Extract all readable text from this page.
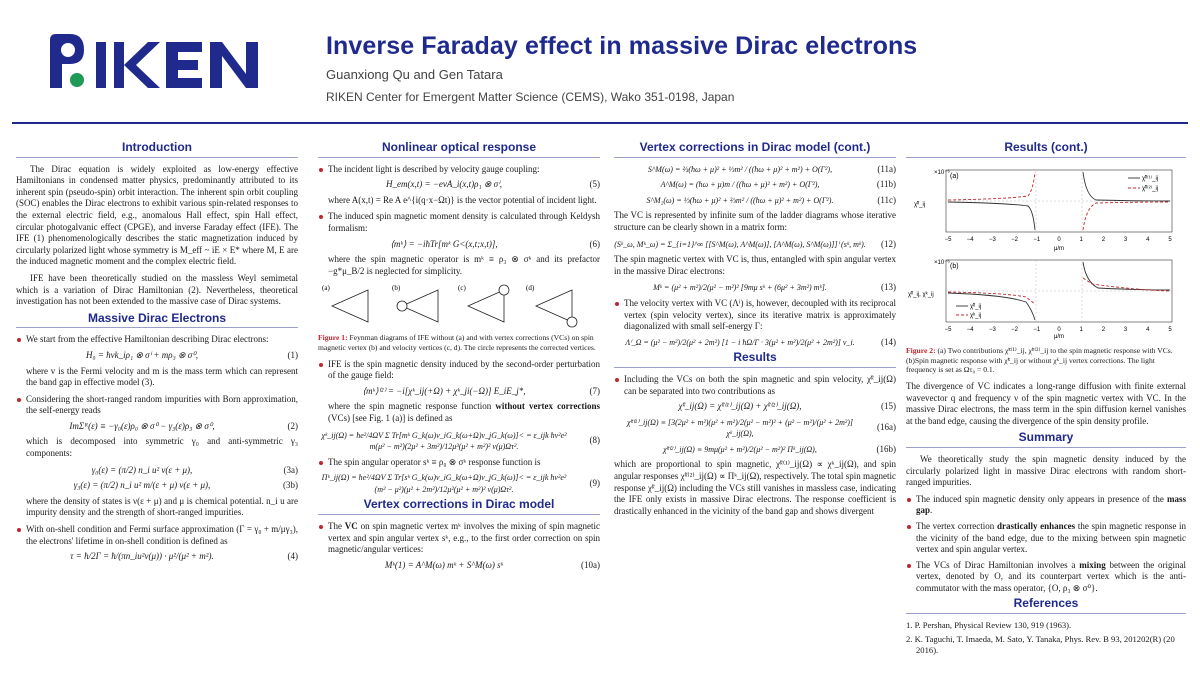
Inverse Faraday effect in massive Dirac electrons
Guanxiong Qu and Gen Tatara
RIKEN Center for Emergent Matter Science (CEMS), Wako 351-0198, Japan
Introduction

The Dirac equation is widely exploited as low-energy effective Hamiltonians in condensed matter physics, predominantly attributed to its inherent spin (pseudo-spin) orbit interaction. The inherent spin orbit coupling (SOC) enables the Dirac electrons to exhibit various spin-related responses to the external electric field, e.g., anomalous Hall effect, spin Hall effect, circular photogalvanic effect (CPGE), and inverse Faraday effect (IFE). The IFE (1) phenomenologically describes the static magnetization induced by circularly polarized light whose symmetry is M_eff ~ iE × E* where M, E are the induced magnetic moment and the complex electric field.

IFE have been theoretically studied on the massless Weyl semimetal which is a variation of Dirac Hamiltonian (2). Nevertheless, theoretical investigation has not been extended to the massive case of Dirac systems.

Massive Dirac Electrons
We start from the effective Hamiltonian describing Dirac electrons:
H₀ = ħvk_iρ₁ ⊗ σⁱ + mρ₃ ⊗ σ⁰,	(1)

where v is the Fermi velocity and m is the mass term which can represent the band gap in effective model (3).

Considering the short-ranged random impurities with Born approximation, the self-energy reads
ImΣᴿ(ε) ≡ −γ₀(ε)ρ₀ ⊗ σ⁰ − γ₃(ε)ρ₃ ⊗ σ⁰,	(2)

which is decomposed into symmetric γ₀ and anti-symmetric γ₃ components:

γ₀(ε) = (π/2) n_i u² ν(ε + μ),	(3a)
γ₃(ε) = (π/2) n_i u² m/(ε + μ) ν(ε + μ),	(3b)

where the density of states is ν(ε + μ) and μ is chemical potential. n_i u are impurity density and the strength of short-ranged impurities.

With on-shell condition and Fermi surface approximation (Γ = γ₀ + m/μγ₃), the electrons' lifetime in on-shell condition is defined as
τ = ħ/2Γ = ħ/(πn_iu²ν(μ)) · μ²/(μ² + m²).	(4)
Nonlinear optical response
The incident light is described by velocity gauge coupling:
H_em(x,t) = −evA_i(x,t)ρ₁ ⊗ σⁱ,	(5)

where A(x,t) = Re A e^{i(q·x−Ωt)} is the vector potential of incident light.

The induced spin magnetic moment density is calculated through Keldysh formalism:
⟨mᵏ⟩ = −iħTr[mᵏ G<(x,t;x,t)],	(6)

where the spin magnetic operator is mᵏ ≡ ρ₃ ⊗ σᵏ and its prefactor −g*μ_B/2 is neglected for simplicity.

(a)	(b)	(c)	(d)
Figure 1: Feynman diagrams of IFE without (a) and with vertex corrections (VCs) on spin magnetic vertex (b) and velocity vertices (c, d). The circle represents the corrected vertices.
IFE is the spin magnetic density induced by the second-order perturbation of the gauge field:
⟨mᵏ⟩⁽²⁾ = −i[χᵏ_ij(+Ω) + χᵏ_ji(−Ω)] E_iE_j*,	(7)

where the spin magnetic response function without vertex corrections (VCs) [see Fig. 1 (a)] is defined as

χᵏ_ij(Ω) = ħe²/4ΩV Σ Tr[mᵏ G_k(ω)v_iG_k(ω+Ω)v_jG_k(ω)]< = ε_ijk ħv²e² m(μ² − m²)(2μ² + 3m²)/12μ³(μ² + m²)² ν(μ)Ωτ².
(8)
The spin angular operator sᵏ ≡ ρ₀ ⊗ σᵏ response function is
Πᵏ_ij(Ω) = ħe²/4ΩV Σ Tr[sᵏ G_k(ω)v_iG_k(ω+Ω)v_jG_k(ω)]< = ε_ijk ħv²e² (m² − μ²)(μ² + 2m²)/12μ²(μ² + m²)² ν(μ)Ωτ².
(9)
Vertex corrections in Dirac model
The VC on spin magnetic vertex mᵏ involves the mixing of spin magnetic vertex and spin angular vertex sᵏ, e.g., to the first order correction on spin magnetic/angular vertices:
Mᵏ(1) = A^M(ω) mᵏ + S^M(ω) sᵏ	(10a)
Vertex corrections in Dirac model (cont.)
S^M(ω) = ⅔(ħω + μ)² + ⅓m² / ((ħω + μ)² + m²) + O(Γ²),	(11a)
A^M(ω) = (ħω + μ)m / ((ħω + μ)² + m²) + O(Γ²),	(11b)
S^M₂(ω) = ⅓(ħω + μ)² + ⅔m² / ((ħω + μ)² + m²) + O(Γ²).	(11c)

The VC is represented by infinite sum of the ladder diagrams whose iterative structure can be clearly shown in a matrix form:

(Sᵏ_ω, Mᵏ_ω) = Σ_{i=1}^∞ [[S^M(ω), A^M(ω)], [A^M(ω), S^M(ω)]]ⁱ (sᵏ, mᵏ).	(12)

The spin magnetic vertex with VC is, thus, entangled with spin angular vertex in the massive Dirac electrons:

Mᵏ = (μ² + m²)/2(μ² − m²)² [9mμ sᵏ + (6μ² + 3m²) mᵏ].	(13)
The velocity vertex with VC (Λⁱ) is, however, decoupled with its reciprocal vertex (spin velocity vertex), since its iterative matrix is approximately diagonalized with small self-energy Γ:
Λⁱ_Ω = (μ² − m²)/2(μ² + 2m²) [1 − i ħΩ/Γ · 3(μ² + m²)/2(μ² + 2m²)] v_i.	(14)
Results
Including the VCs on both the spin magnetic and spin velocity, χ̃ᵏ_ij(Ω) can be separated into two contributions as
χ̃ᵏ_ij(Ω) = χ̃ᵏ⁽¹⁾_ij(Ω) + χ̃ᵏ⁽²⁾_ij(Ω),	(15)
χ̃ᵏ⁽¹⁾_ij(Ω) ≡ [3(2μ² + m²)(μ² + m²)/2(μ² − m²)² + (μ² − m²)/(μ² + 2m²)] χᵏ_ij(Ω),
(16a)
χ̃ᵏ⁽²⁾_ij(Ω) ≡ 9mμ(μ² + m²)/2(μ² − m²)² Πᵏ_ij(Ω),	(16b)

which are proportional to spin magnetic, χ̃ᵏ⁽¹⁾_ij(Ω) ∝ χᵏ_ij(Ω), and spin angular responses χ̃ᵏ⁽²⁾_ij(Ω) ∝ Πᵏ_ij(Ω), respectively. The total spin magnetic response χ̃ᵏ_ij(Ω) including the VCs still vanishes in massless case, indicating the IFE only exists in massive Dirac electrons. The response coefficient is drastically enhanced in the vicinity of the band gap and shows divergent

Results (cont.)
×10⁻⁶ (a)
χ̃ᵏ_ij
χ̃ᵏ⁽¹⁾_ij
χ̃ᵏ⁽²⁾_ij
−5	−4	−3	−2	−1	0	1	2	3	4	5
μ/m
×10⁻⁶ (b)
χ̃ᵏ_ij, χᵏ_ij
χ̃ᵏ_ij
χᵏ_ij
−5	−4	−3	−2	−1	0	1	2	3	4	5
μ/m
Figure 2: (a) Two contributions χ̃ᵏ⁽¹⁾_ij, χ̃ᵏ⁽²⁾_ij to the spin magnetic response with VCs. (b)Spin magnetic response with χ̃ᵏ_ij or without χᵏ_ij vertex corrections. The light frequency is set as Ωτ₀ = 0.1.

The divergence of VC indicates a long-range diffusion with finite external wavevector q and frequency ν of the spin magnetic vertex with VC. In the massive Dirac electrons, the mass term in the spin diffusion kernel vanishes at the band edge, causing the divergence of the spin density profile.

Summary

We theoretically study the spin magnetic density induced by the circularly polarized light in massive Dirac electrons with random short-ranged impurities.

The induced spin magnetic density only appears in presence of the mass gap.
The vertex correction drastically enhances the spin magnetic response in the vicinity of the band edge, due to the mixing between spin magnetic vertex and spin angular vertex.
The VCs of Dirac Hamiltonian involves a mixing between the original vertex, denoted by O, and its counterpart vertex which is the anti-commutator with the mass operator, {O, ρ₃ ⊗ σ⁰}.
References
1. P. Pershan, Physical Review 130, 919 (1963).
2. K. Taguchi, T. Imaeda, M. Sato, Y. Tanaka, Phys. Rev. B 93, 201202(R) (20 2016).
